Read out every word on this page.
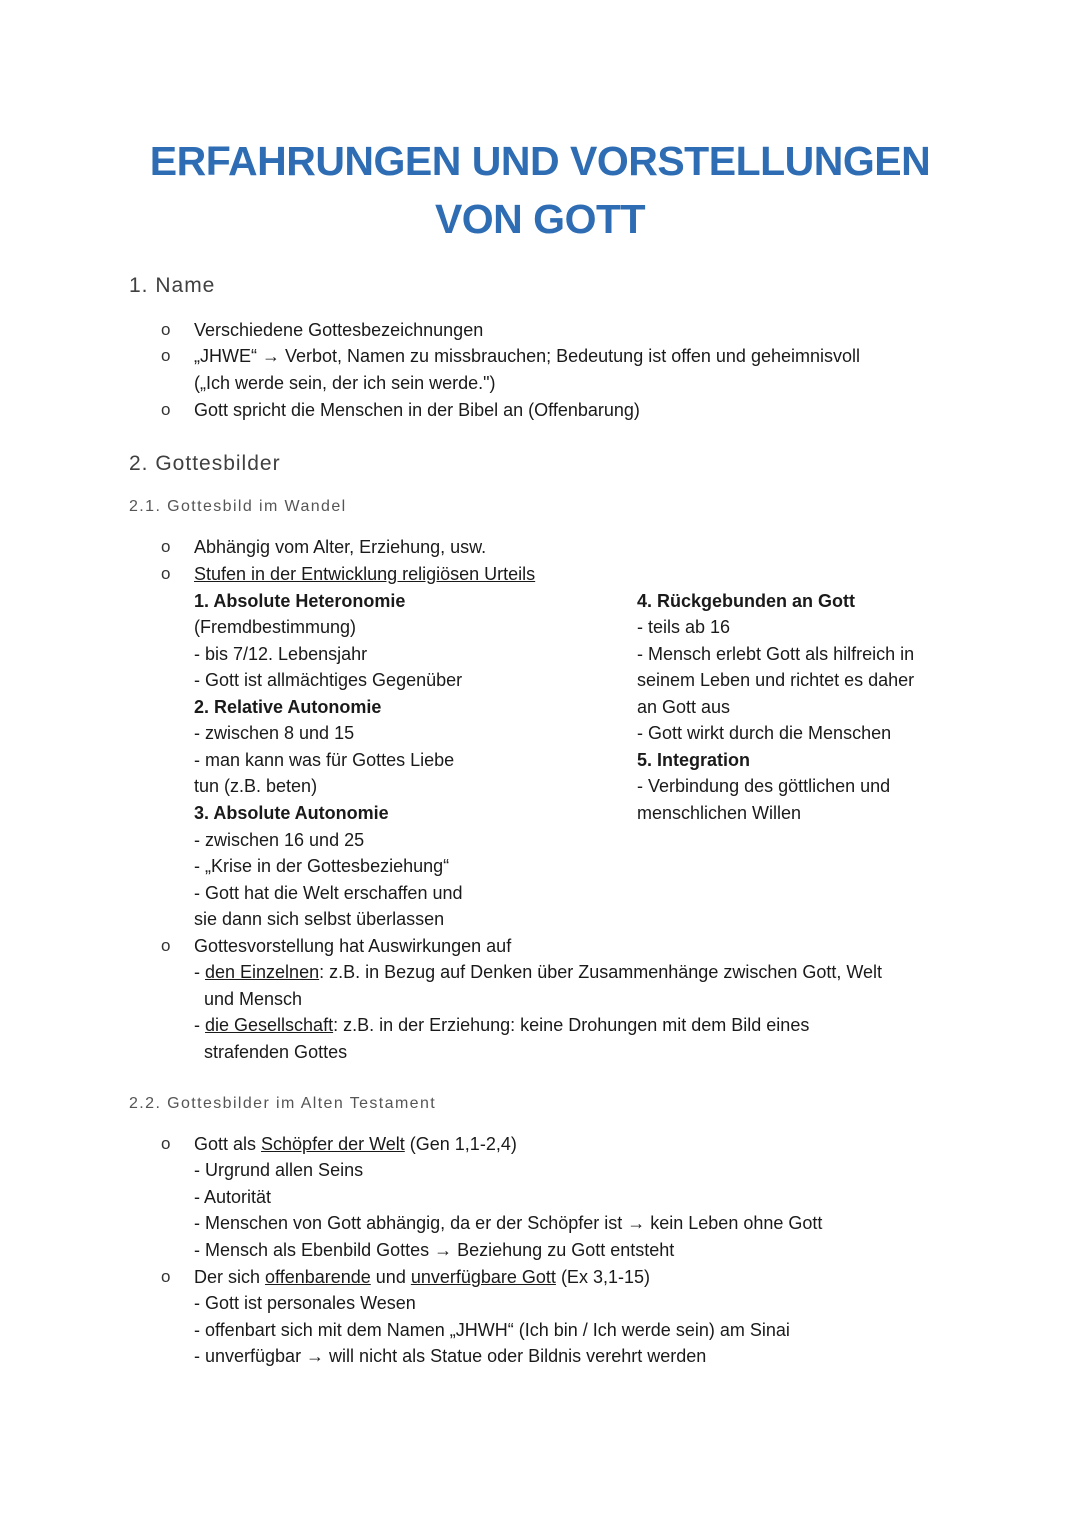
ERFAHRUNGEN UND VORSTELLUNGEN
VON GOTT
1. Name
o Verschiedene Gottesbezeichnungen
o „JHWE“ → Verbot, Namen zu missbrauchen; Bedeutung ist offen und geheimnisvoll
(„Ich werde sein, der ich sein werde.")
o Gott spricht die Menschen in der Bibel an (Offenbarung)
2. Gottesbilder
2.1. Gottesbild im Wandel
o Abhängig vom Alter, Erziehung, usw.
o Stufen in der Entwicklung religiösen Urteils
1. Absolute Heteronomie
(Fremdbestimmung)
- bis 7/12. Lebensjahr
- Gott ist allmächtiges Gegenüber
2. Relative Autonomie
- zwischen 8 und 15
- man kann was für Gottes Liebe
tun (z.B. beten)
3. Absolute Autonomie
- zwischen 16 und 25
- „Krise in der Gottesbeziehung“
- Gott hat die Welt erschaffen und
sie dann sich selbst überlassen
4. Rückgebunden an Gott
- teils ab 16
- Mensch erlebt Gott als hilfreich in
seinem Leben und richtet es daher
an Gott aus
- Gott wirkt durch die Menschen
5. Integration
- Verbindung des göttlichen und
menschlichen Willen
o Gottesvorstellung hat Auswirkungen auf
- den Einzelnen: z.B. in Bezug auf Denken über Zusammenhänge zwischen Gott, Welt
und Mensch
- die Gesellschaft: z.B. in der Erziehung: keine Drohungen mit dem Bild eines
strafenden Gottes
2.2. Gottesbilder im Alten Testament
o Gott als Schöpfer der Welt (Gen 1,1-2,4)
- Urgrund allen Seins
- Autorität
- Menschen von Gott abhängig, da er der Schöpfer ist → kein Leben ohne Gott
- Mensch als Ebenbild Gottes → Beziehung zu Gott entsteht
o Der sich offenbarende und unverfügbare Gott (Ex 3,1-15)
- Gott ist personales Wesen
- offenbart sich mit dem Namen „JHWH“ (Ich bin / Ich werde sein) am Sinai
- unverfügbar → will nicht als Statue oder Bildnis verehrt werden
